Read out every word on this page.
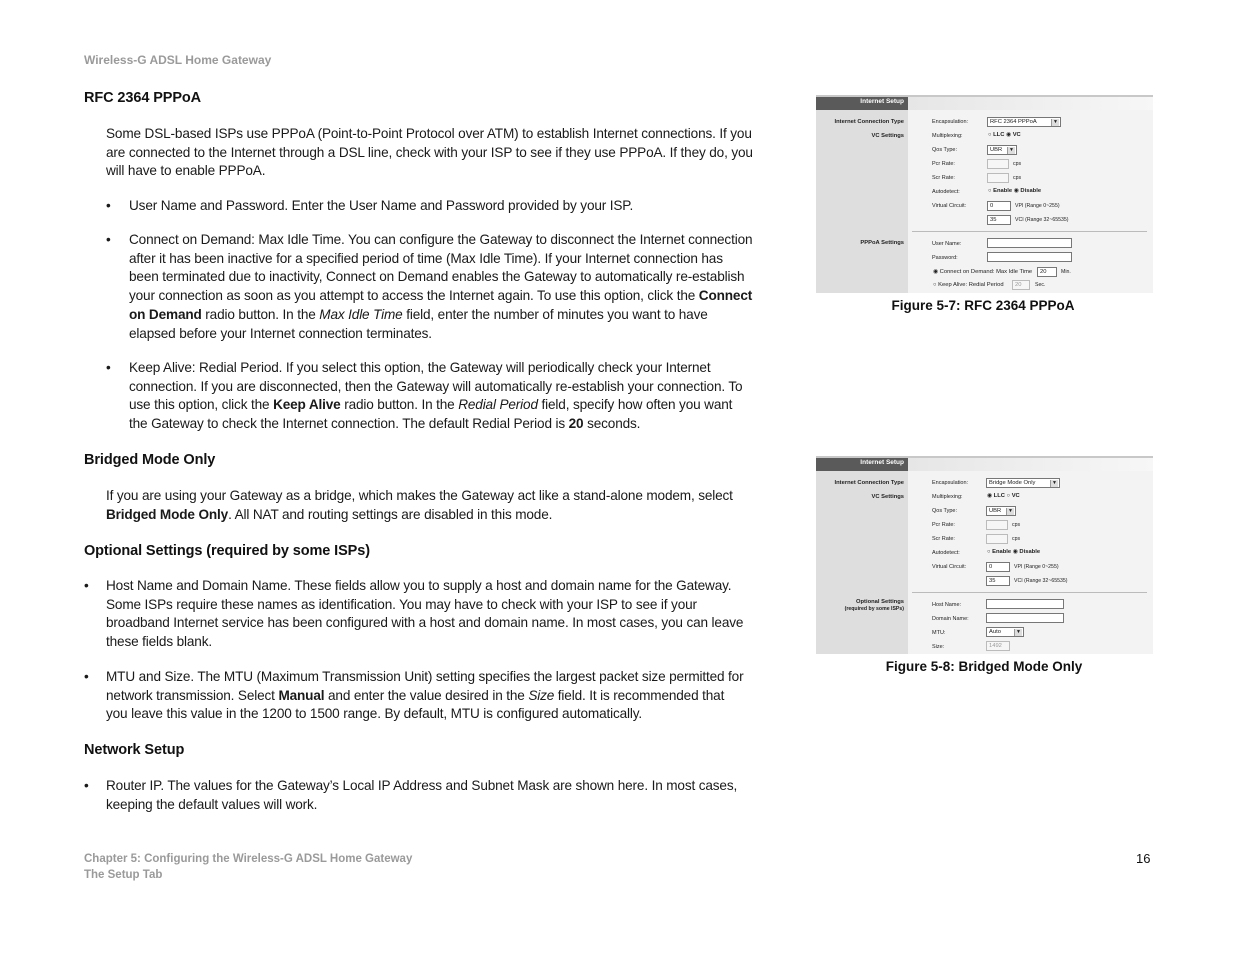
Wireless-G ADSL Home Gateway
RFC 2364 PPPoA
Some DSL-based ISPs use PPPoA (Point-to-Point Protocol over ATM) to establish Internet connections. If you
are connected to the Internet through a DSL line, check with your ISP to see if they use PPPoA. If they do, you
will have to enable PPPoA.
• User Name and Password. Enter the User Name and Password provided by your ISP.
• Connect on Demand: Max Idle Time. You can configure the Gateway to disconnect the Internet connection
after it has been inactive for a specified period of time (Max Idle Time). If your Internet connection has
been terminated due to inactivity, Connect on Demand enables the Gateway to automatically re-establish
your connection as soon as you attempt to access the Internet again. To use this option, click the Connect
on Demand radio button. In the Max Idle Time field, enter the number of minutes you want to have
elapsed before your Internet connection terminates.
• Keep Alive: Redial Period. If you select this option, the Gateway will periodically check your Internet
connection. If you are disconnected, then the Gateway will automatically re-establish your connection. To
use this option, click the Keep Alive radio button. In the Redial Period field, specify how often you want
the Gateway to check the Internet connection. The default Redial Period is 20 seconds.
Bridged Mode Only
If you are using your Gateway as a bridge, which makes the Gateway act like a stand-alone modem, select
Bridged Mode Only. All NAT and routing settings are disabled in this mode.
Optional Settings (required by some ISPs)
• Host Name and Domain Name. These fields allow you to supply a host and domain name for the Gateway.
Some ISPs require these names as identification. You may have to check with your ISP to see if your
broadband Internet service has been configured with a host and domain name. In most cases, you can leave
these fields blank.
• MTU and Size. The MTU (Maximum Transmission Unit) setting specifies the largest packet size permitted for
network transmission. Select Manual and enter the value desired in the Size field. It is recommended that
you leave this value in the 1200 to 1500 range. By default, MTU is configured automatically.
Network Setup
• Router IP. The values for the Gateway’s Local IP Address and Subnet Mask are shown here. In most cases,
keeping the default values will work.
Internet Setup
Internet Connection Type
VC Settings
PPPoA Settings
Encapsulation:	RFC 2364 PPPoA ▼
Multiplexing:	○ LLC ◉ VC
Qos Type:	UBR ▼
Pcr Rate:	cps
Scr Rate:	cps
Autodetect:	○ Enable ◉ Disable
Virtual Circuit:	0	VPI (Range 0~255)
35	VCI (Range 32~65535)
User Name:
Password:
◉ Connect on Demand: Max Idle Time	20	Min.
○ Keep Alive: Redial Period	20	Sec.
Figure 5-7: RFC 2364 PPPoA
Internet Setup
Internet Connection Type
VC Settings
Optional Settings
(required by some ISPs)
Encapsulation:	Bridge Mode Only ▼
Multiplexing:	◉ LLC ○ VC
Qos Type:	UBR ▼
Pcr Rate:	cps
Scr Rate:	cps
Autodetect:	○ Enable ◉ Disable
Virtual Circuit:	0	VPI (Range 0~255)
35	VCI (Range 32~65535)
Host Name:
Domain Name:
MTU:	Auto ▼
Size:	1492
Figure 5-8: Bridged Mode Only
Chapter 5: Configuring the Wireless-G ADSL Home Gateway
The Setup Tab
16
